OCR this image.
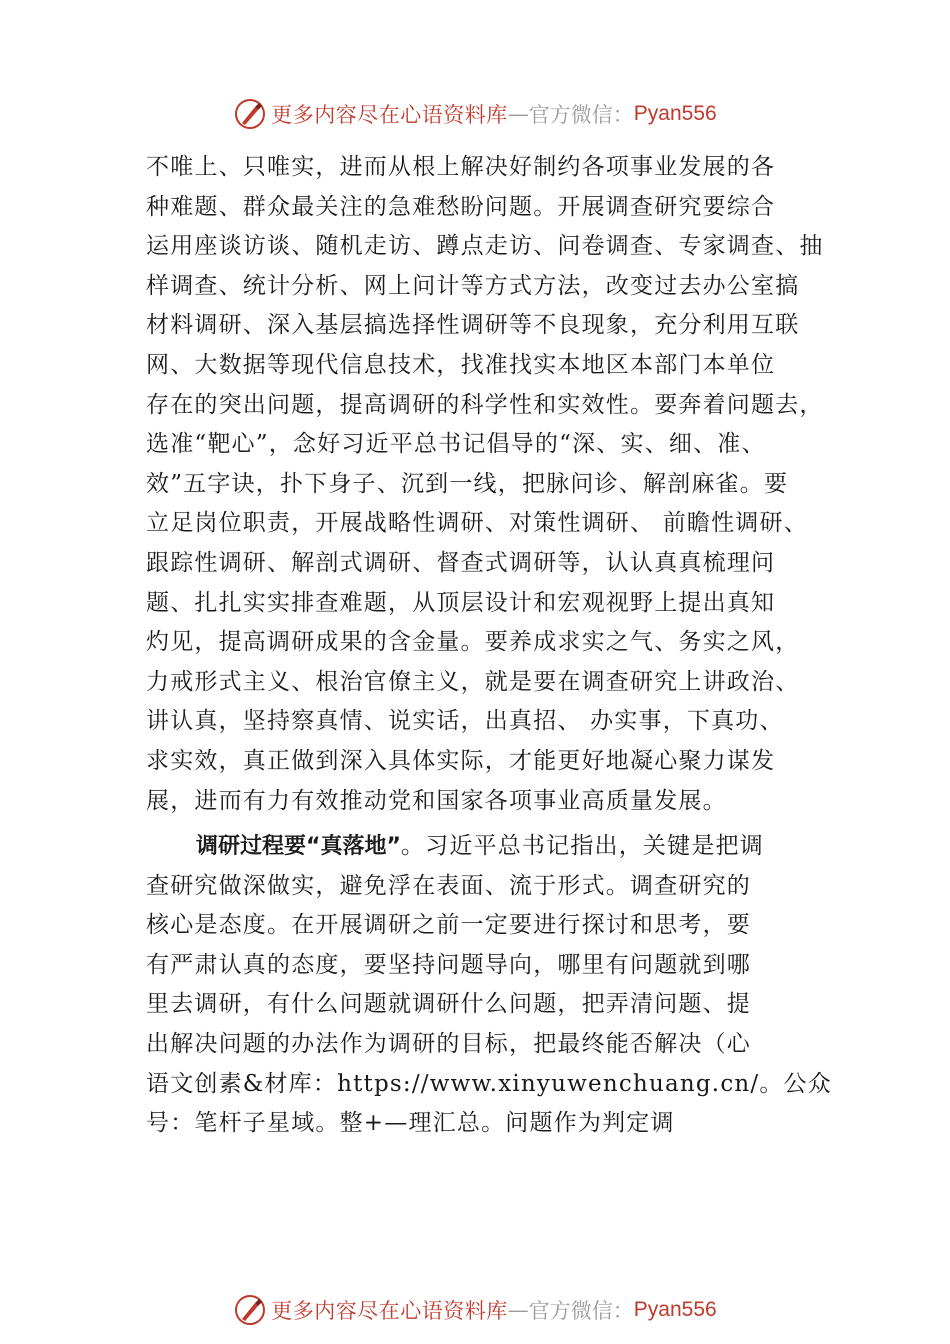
更多内容尽在心语资料库 — 官方微信： Pyan556
不唯上、只唯实，进而从根上解决好制约各项事业发展的各
种难题、群众最关注的急难愁盼问题。开展调查研究要综合
运用座谈访谈、随机走访、蹲点走访、问卷调查、专家调查、抽
样调查、统计分析、网上问计等方式方法，改变过去办公室搞
材料调研、深入基层搞选择性调研等不良现象，充分利用互联
网、大数据等现代信息技术，找准找实本地区本部门本单位
存在的突出问题，提高调研的科学性和实效性。要奔着问题去，
选准“靶心”，念好习近平总书记倡导的“深、实、细、准、
效”五字诀，扑下身子、沉到一线，把脉问诊、解剖麻雀。要
立足岗位职责，开展战略性调研、对策性调研、 前瞻性调研、
跟踪性调研、解剖式调研、督查式调研等，认认真真梳理问
题、扎扎实实排查难题，从顶层设计和宏观视野上提出真知
灼见，提高调研成果的含金量。要养成求实之气、务实之风，
力戒形式主义、根治官僚主义，就是要在调查研究上讲政治、
讲认真，坚持察真情、说实话，出真招、 办实事，下真功、
求实效，真正做到深入具体实际，才能更好地凝心聚力谋发
展，进而有力有效推动党和国家各项事业高质量发展。
调研过程要“真落地”。习近平总书记指出，关键是把调
查研究做深做实，避免浮在表面、流于形式。调查研究的
核心是态度。在开展调研之前一定要进行探讨和思考，要
有严肃认真的态度，要坚持问题导向，哪里有问题就到哪
里去调研，有什么问题就调研什么问题，把弄清问题、提
出解决问题的办法作为调研的目标，把最终能否解决（心
语文创素&材库：https://www.xinyuwenchuang.cn/。公众
号：笔杆子星域。整+—理汇总。问题作为判定调
更多内容尽在心语资料库 — 官方微信： Pyan556
